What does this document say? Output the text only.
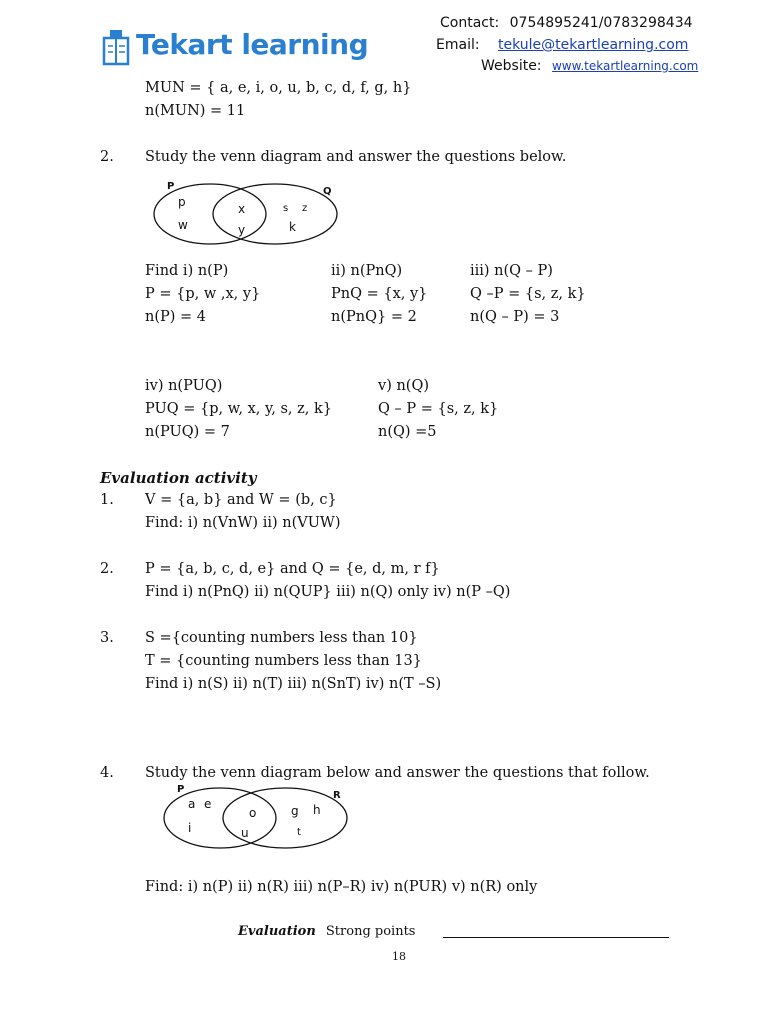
Tekart learning
Contact: 0754895241/0783298434
Email: tekule@tekartlearning.com
Website: www.tekartlearning.com
MUN = { a, e, i, o, u, b, c, d, f, g, h}
n(MUN) = 11
2. Study the venn diagram and answer the questions below.
P	Q
p
w
x
y
s z
k
Find i) n(P)
P = {p, w ,x, y}
n(P) = 4
ii) n(PnQ)
PnQ = {x, y}
n(PnQ} = 2
iii) n(Q – P)
Q –P = {s, z, k}
n(Q – P) = 3
iv) n(PUQ)
PUQ = {p, w, x, y, s, z, k}
n(PUQ) = 7
v) n(Q)
Q – P = {s, z, k}
n(Q) =5
Evaluation activity
1. V = {a, b} and W = (b, c}
Find: i) n(VnW) ii) n(VUW)
2. P = {a, b, c, d, e} and Q = {e, d, m, r f}
Find i) n(PnQ) ii) n(QUP} iii) n(Q) only iv) n(P –Q)
3. S ={counting numbers less than 10}
T = {counting numbers less than 13}
Find i) n(S) ii) n(T) iii) n(SnT) iv) n(T –S)
4. Study the venn diagram below and answer the questions that follow.
P
R
a e
i
o
u
g h
t
Find: i) n(P) ii) n(R) iii) n(P–R) iv) n(PUR) v) n(R) only
Evaluation Strong points
18
